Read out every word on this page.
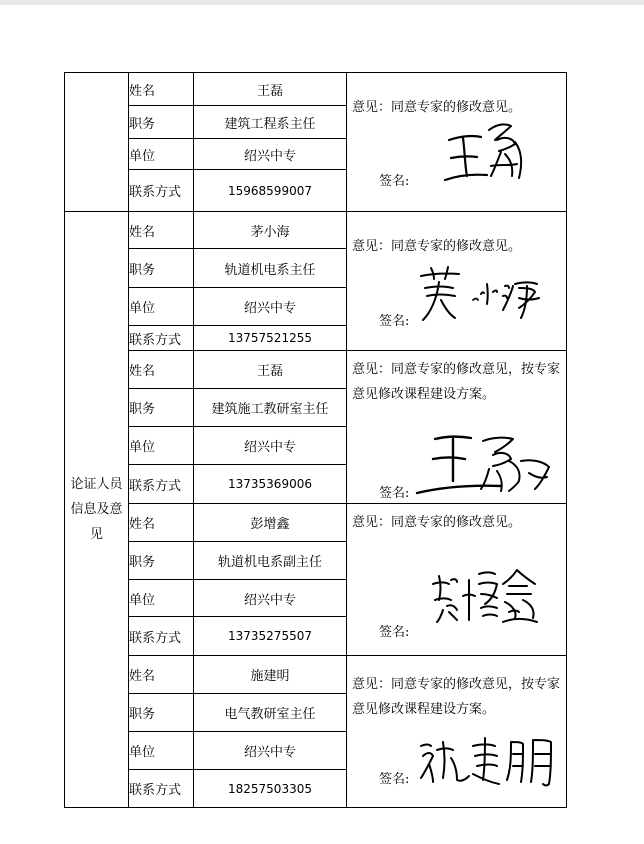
	姓名	王磊	意见：同意专家的修改意见。
签名:

	职务	建筑工程系主任	
	单位	绍兴中专	
	联系方式	15968599007	
论证人员信息及意见	姓名	茅小海	意见：同意专家的修改意见。
签名:

	职务	轨道机电系主任	
	单位	绍兴中专	
	联系方式	13757521255	
	姓名	王磊	意见：同意专家的修改意见，按专家意见修改课程建设方案。
签名:

	职务	建筑施工教研室主任	
	单位	绍兴中专	
	联系方式	13735369006	
	姓名	彭增鑫	意见：同意专家的修改意见。
签名:

	职务	轨道机电系副主任	
	单位	绍兴中专	
	联系方式	13735275507	
	姓名	施建明	意见：同意专家的修改意见，按专家意见修改课程建设方案。
签名:

	职务	电气教研室主任	
	单位	绍兴中专	
	联系方式	18257503305	
